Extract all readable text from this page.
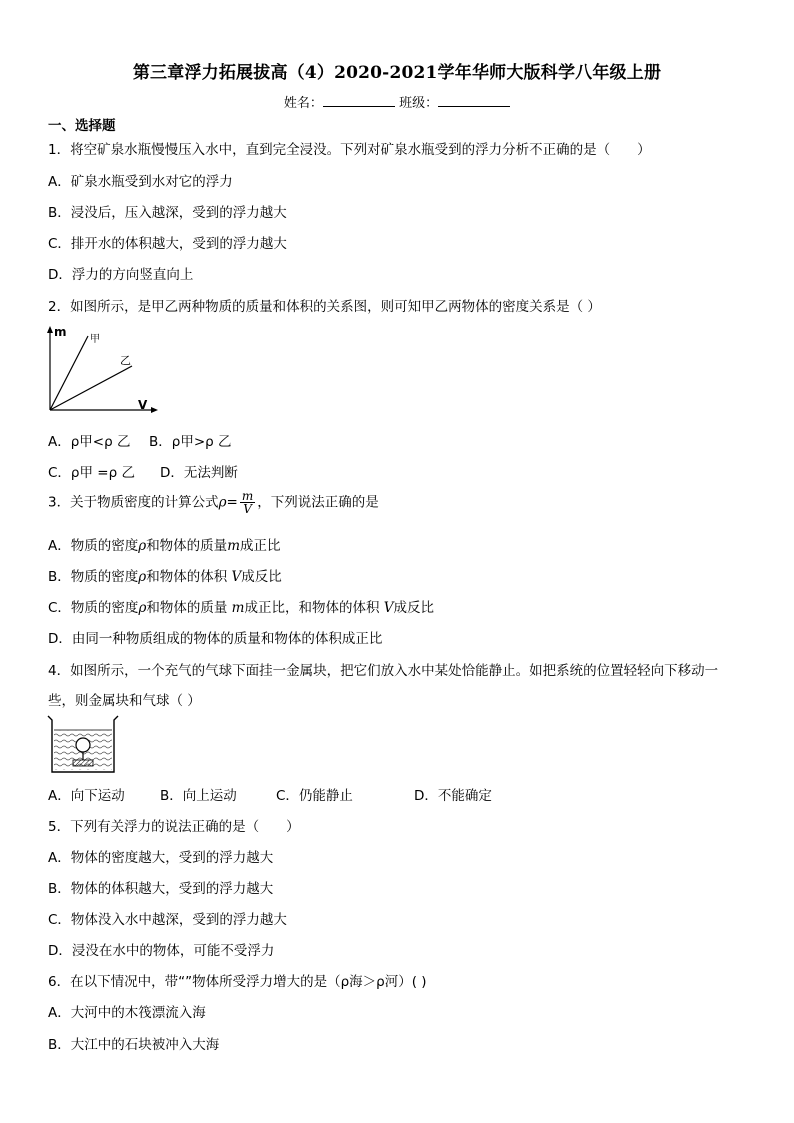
第三章浮力拓展拔高（4）2020-2021学年华师大版科学八年级上册
姓名：	班级：
一、选择题
1．将空矿泉水瓶慢慢压入水中，直到完全浸没。下列对矿泉水瓶受到的浮力分析不正确的是（　　）
A．矿泉水瓶受到水对它的浮力
B．浸没后，压入越深，受到的浮力越大
C．排开水的体积越大，受到的浮力越大
D．浮力的方向竖直向上
2．如图所示，是甲乙两种物质的质量和体积的关系图，则可知甲乙两物体的密度关系是（ ）
m
甲
乙
V
A．ρ甲<ρ 乙 B．ρ甲>ρ 乙
C．ρ甲 =ρ 乙 D．无法判断
3．关于物质密度的计算公式$\rho= \frac{m}{V}$ ，下列说法正确的是
A．物质的密度ρ和物体的质量m成正比
B．物质的密度ρ和物体的体积 V成反比
C．物质的密度ρ和物体的质量 m成正比，和物体的体积 V成反比
D．由同一种物质组成的物体的质量和物体的体积成正比
4．如图所示，一个充气的气球下面挂一金属块，把它们放入水中某处恰能静止。如把系统的位置轻轻向下移动一
些，则金属块和气球（ ）
A．向下运动	B．向上运动	C．仍能静止	D．不能确定
5．下列有关浮力的说法正确的是（　　）
A．物体的密度越大，受到的浮力越大
B．物体的体积越大，受到的浮力越大
C．物体没入水中越深，受到的浮力越大
D．浸没在水中的物体，可能不受浮力
6．在以下情况中，带“”物体所受浮力增大的是（ρ海＞ρ河）( )
A．大河中的木筏漂流入海
B．大江中的石块被冲入大海
